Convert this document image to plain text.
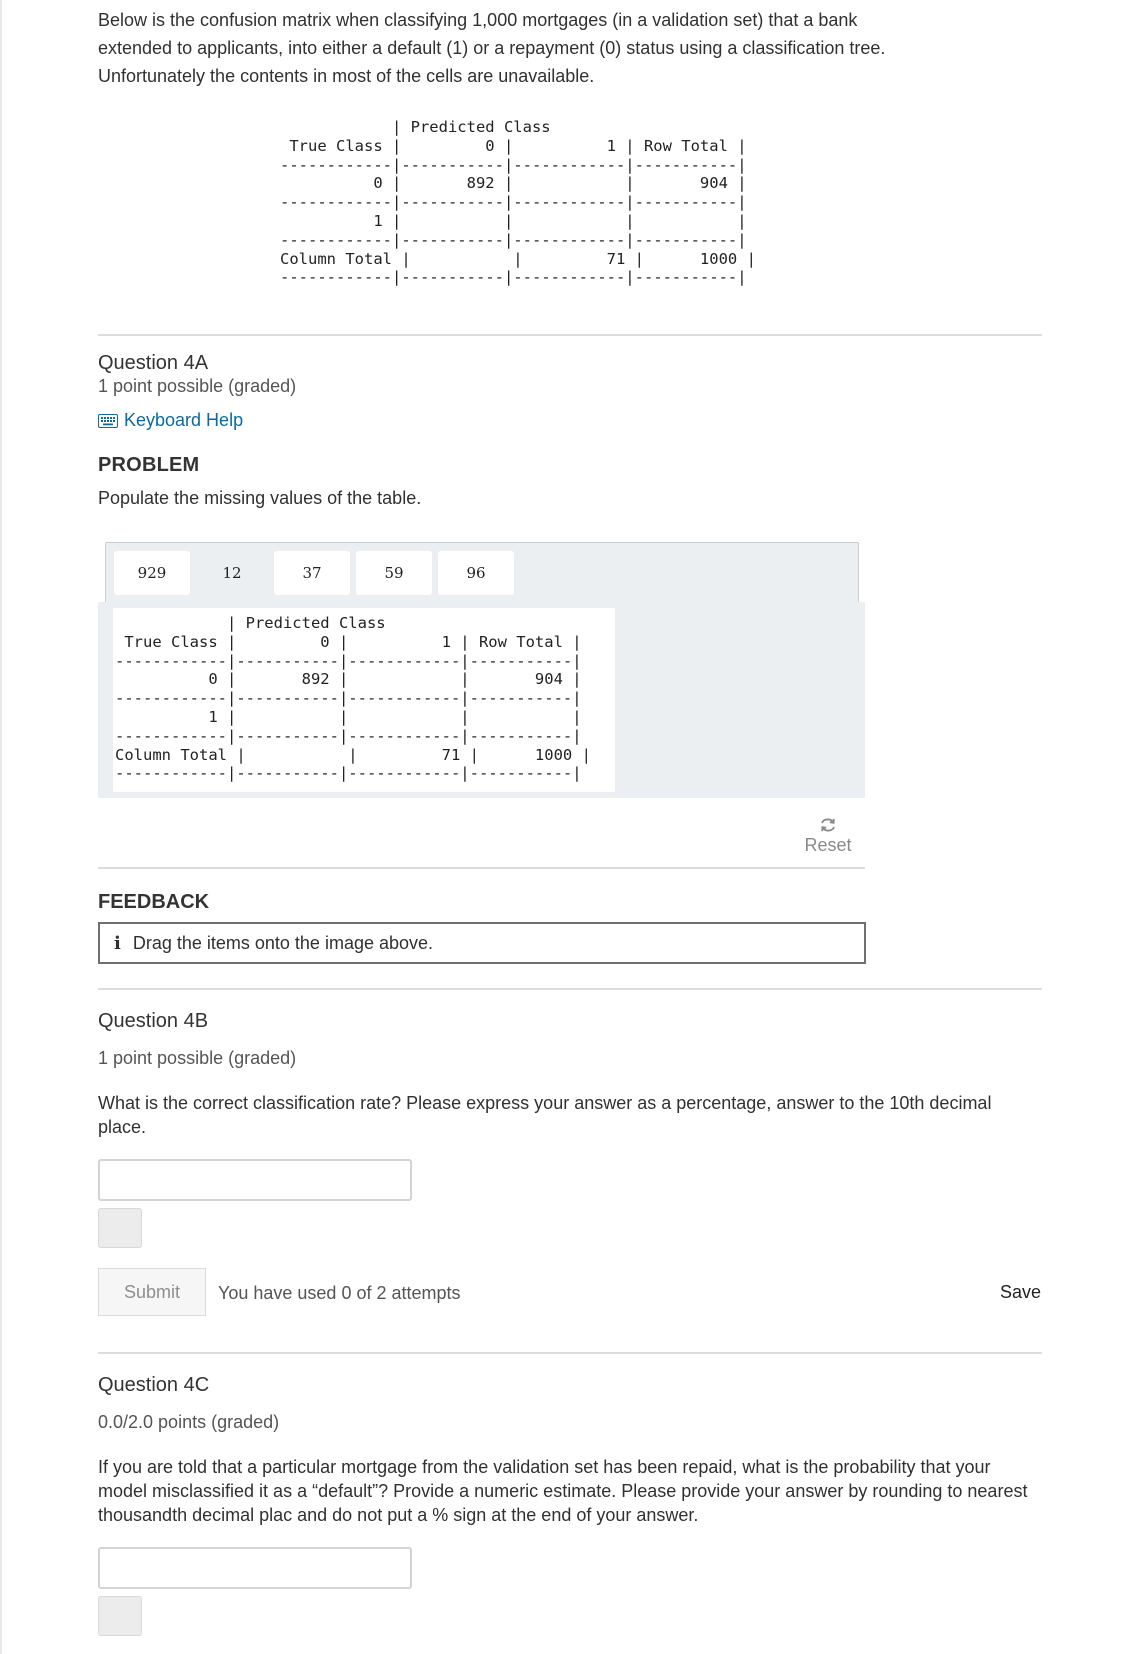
Below is the confusion matrix when classifying 1,000 mortgages (in a validation set) that a bank

extended to applicants, into either a default (1) or a repayment (0) status using a classification tree.

Unfortunately the contents in most of the cells are unavailable.

| Predicted Class
True Class |         0 |          1 | Row Total |
------------|-----------|------------|-----------|
0 |       892 |            |       904 |
------------|-----------|------------|-----------|
1 |           |            |           |
------------|-----------|------------|-----------|
Column Total |           |         71 |      1000 |
------------|-----------|------------|-----------|
Question 4A
1 point possible (graded)
Keyboard Help
PROBLEM
Populate the missing values of the table.
929	12	37	59	96
| Predicted Class
True Class |         0 |          1 | Row Total |
------------|-----------|------------|-----------|
0 |       892 |            |       904 |
------------|-----------|------------|-----------|
1 |           |            |           |
------------|-----------|------------|-----------|
Column Total |           |         71 |      1000 |
------------|-----------|------------|-----------|
Reset
FEEDBACK
i Drag the items onto the image above.
Question 4B
1 point possible (graded)
What is the correct classification rate? Please express your answer as a percentage, answer to the 10th decimal place.
Submit	You have used 0 of 2 attempts	Save
Question 4C
0.0/2.0 points (graded)
If you are told that a particular mortgage from the validation set has been repaid, what is the probability that your model misclassified it as a “default”? Provide a numeric estimate. Please provide your answer by rounding to nearest thousandth decimal plac and do not put a % sign at the end of your answer.
